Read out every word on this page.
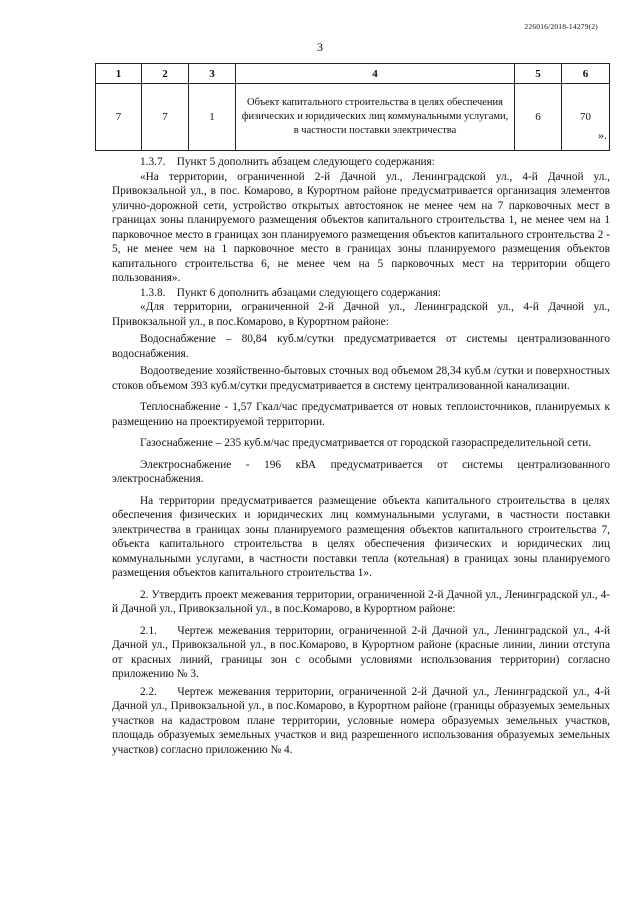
226016/2018-14279(2)
3
1	2	3	4	5	6
7	7	1	Объект капитального строительства в целях обеспечения физических и юридических лиц коммунальными услугами, в частности поставки электричества	6	70
».

1.3.7.    Пункт 5 дополнить абзацем следующего содержания:

«На территории, ограниченной 2-й Дачной ул., Ленинградской ул., 4-й Дачной ул., Привокзальной ул., в пос. Комарово, в Курортном районе предусматривается организация элементов улично-дорожной сети, устройство открытых автостоянок не менее чем на 7 парковочных мест в границах зоны планируемого размещения объектов капитального строительства 1, не менее чем на 1 парковочное место в границах зон планируемого размещения объектов капитального строительства 2 - 5, не менее чем на 1 парковочное место в границах зоны планируемого размещения объектов капитального строительства 6, не менее чем на 5 парковочных мест на территории общего пользования».

1.3.8.    Пункт 6 дополнить абзацами следующего содержания:

«Для территории, ограниченной 2-й Дачной ул., Ленинградской ул., 4-й Дачной ул., Привокзальной ул., в пос.Комарово, в Курортном районе:

Водоснабжение – 80,84 куб.м/сутки предусматривается от системы централизованного водоснабжения.

Водоотведение хозяйственно-бытовых сточных вод объемом 28,34 куб.м /сутки и поверхностных стоков объемом 393 куб.м/сутки предусматривается в систему централизованной канализации.

Теплоснабжение - 1,57 Гкал/час предусматривается от новых теплоисточников, планируемых к размещению на проектируемой территории.

Газоснабжение – 235 куб.м/час предусматривается от городской газораспределительной сети.

Электроснабжение - 196 кВА предусматривается от системы централизованного электроснабжения.

На территории предусматривается размещение объекта капитального строительства в целях обеспечения физических и юридических лиц коммунальными услугами, в частности поставки электричества в границах зоны планируемого размещения объектов капитального строительства 7, объекта капитального строительства в целях обеспечения физических и юридических лиц коммунальными услугами, в частности поставки тепла (котельная) в границах зоны планируемого размещения объектов капитального строительства 1».

2. Утвердить проект межевания территории, ограниченной 2-й Дачной ул., Ленинградской ул., 4-й Дачной ул., Привокзальной ул., в пос.Комарово, в Курортном районе:

2.1.    Чертеж межевания территории, ограниченной 2-й Дачной ул., Ленинградской ул., 4-й Дачной ул., Привокзальной ул., в пос.Комарово, в Курортном районе (красные линии, линии отступа от красных линий, границы зон с особыми условиями использования территории) согласно приложению № 3.

2.2.    Чертеж межевания территории, ограниченной 2-й Дачной ул., Ленинградской ул., 4-й Дачной ул., Привокзальной ул., в пос.Комарово, в Курортном районе (границы образуемых земельных участков на кадастровом плане территории, условные номера образуемых земельных участков, площадь образуемых земельных участков и вид разрешенного использования образуемых земельных участков) согласно приложению № 4.
